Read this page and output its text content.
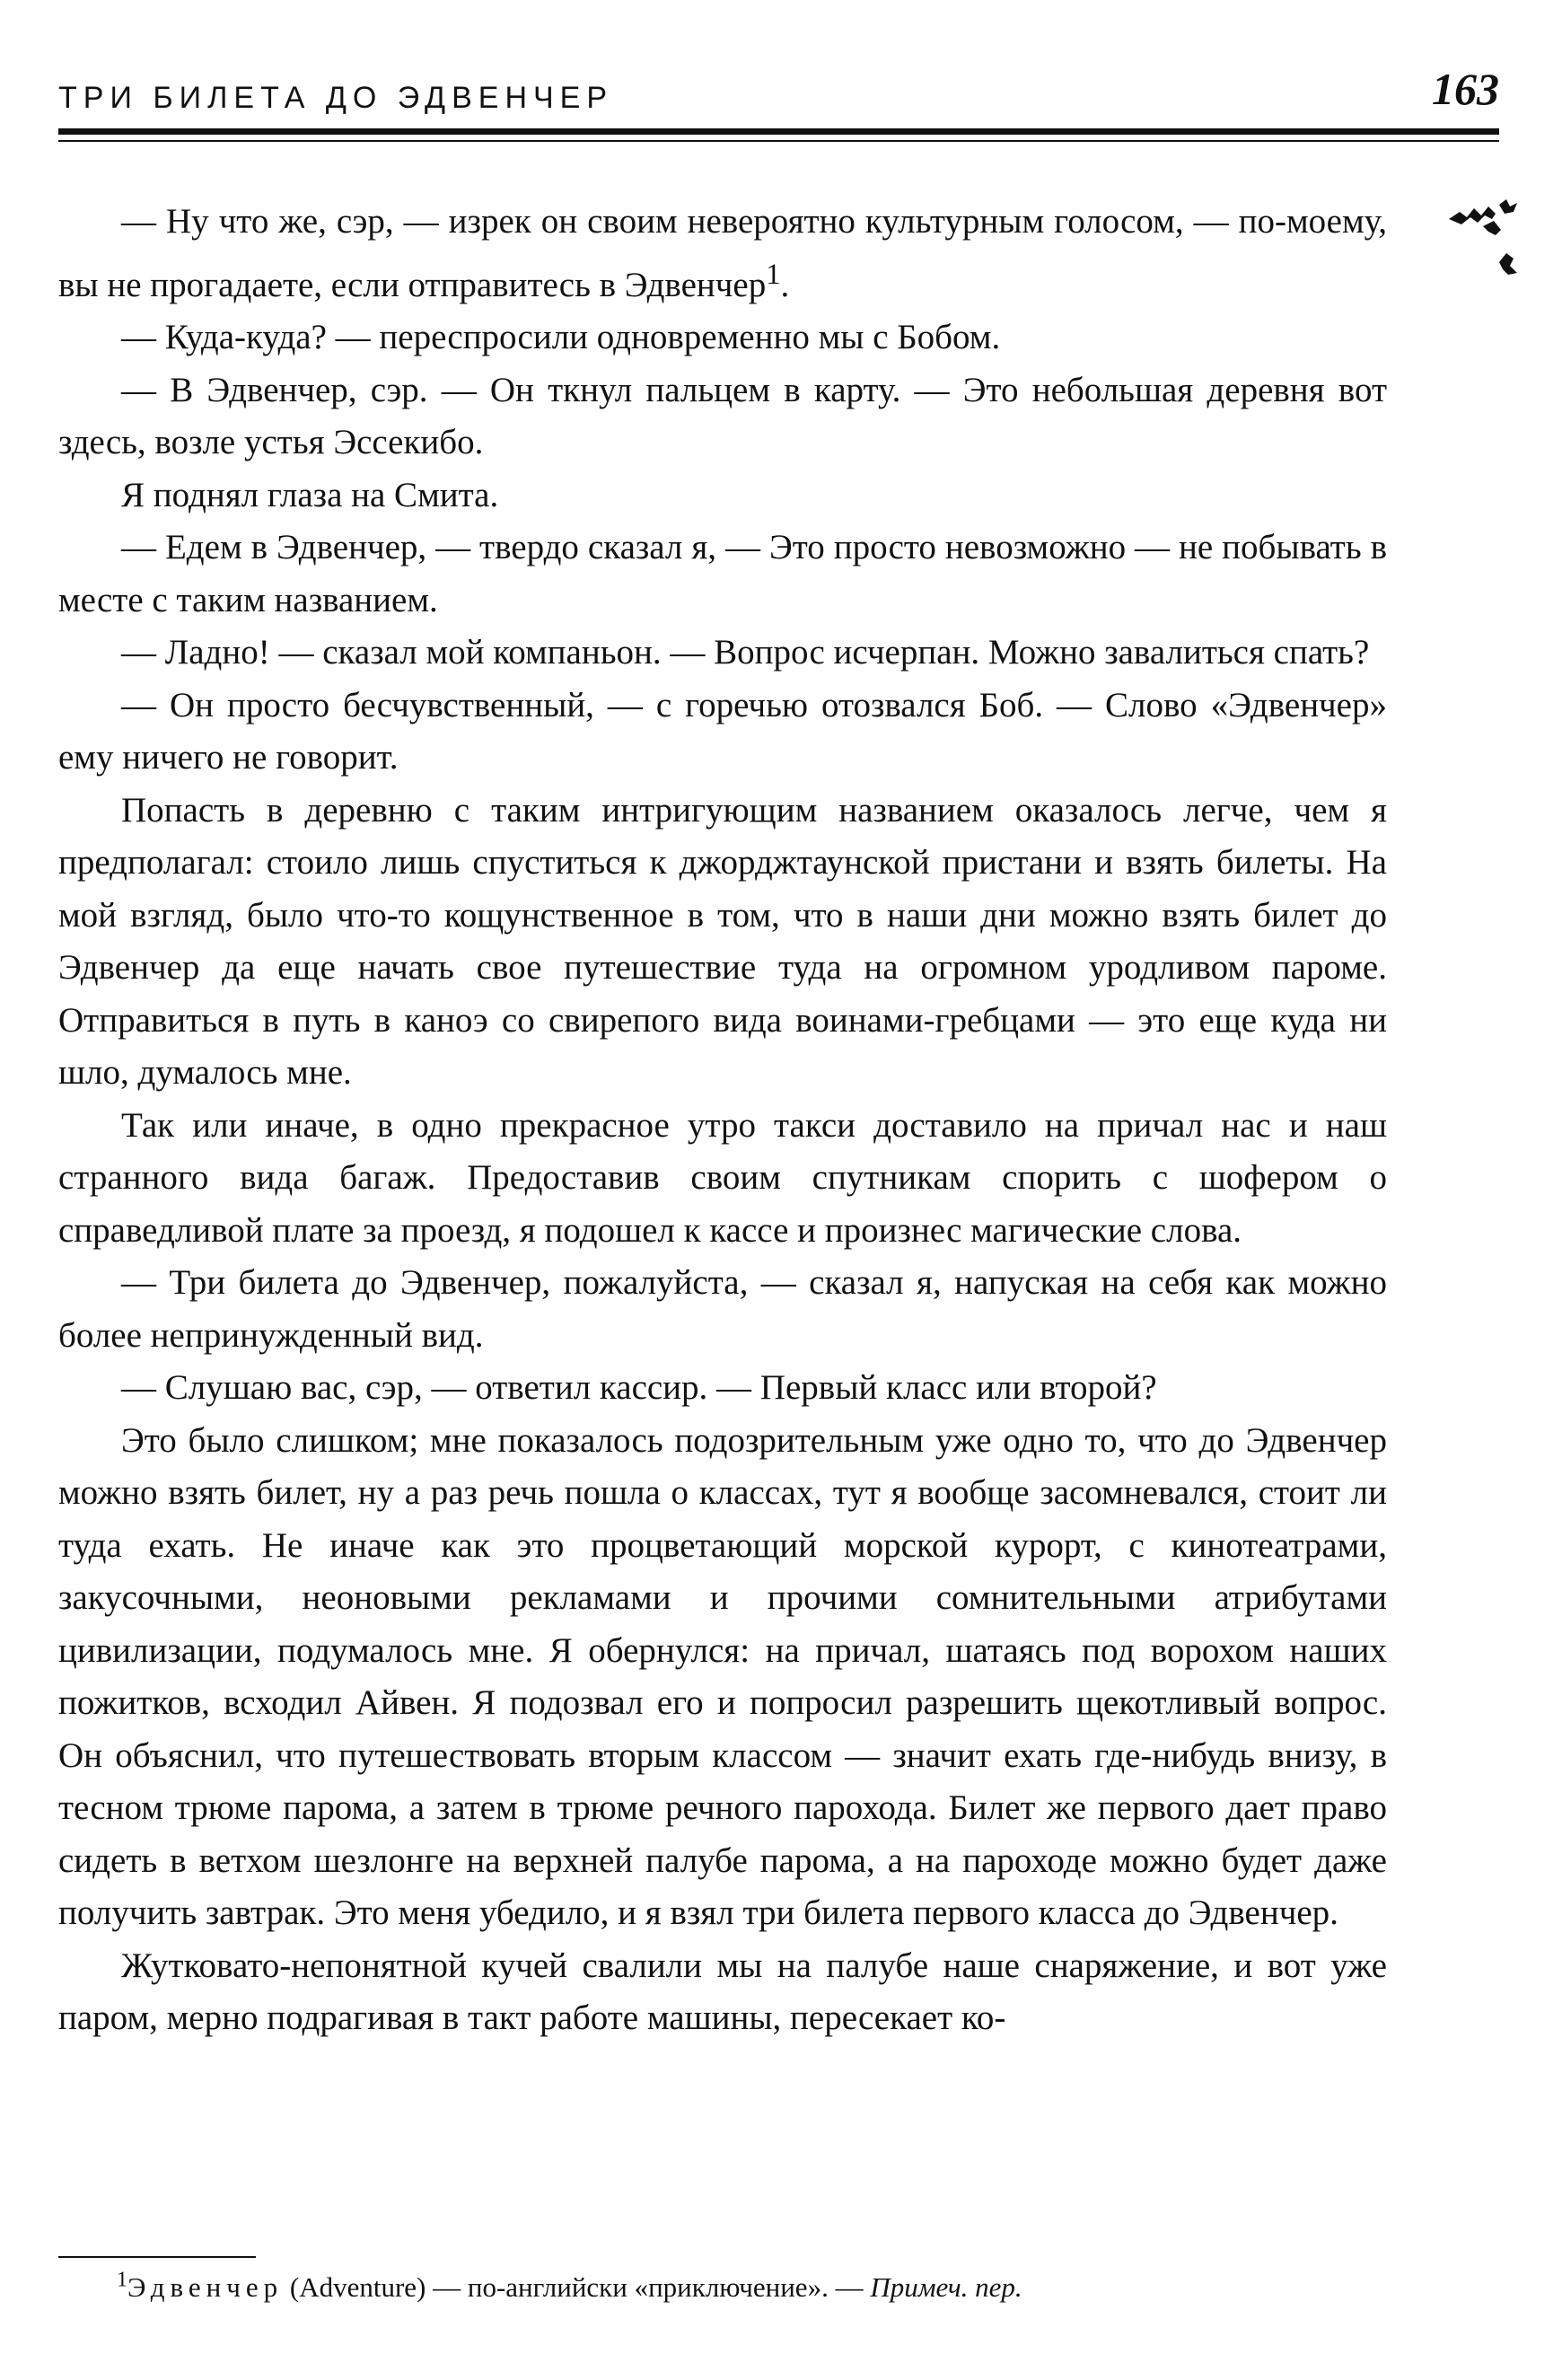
ТРИ БИЛЕТА ДО ЭДВЕНЧЕР	163

— Ну что же, сэр, — изрек он своим невероятно культурным голосом, — по-моему, вы не прогадаете, если отправитесь в Эдвенчер$^1$.

— Куда-куда? — переспросили одновременно мы с Бобом.

— В Эдвенчер, сэр. — Он ткнул пальцем в карту. — Это небольшая деревня вот здесь, возле устья Эссекибо.

Я поднял глаза на Смита.

— Едем в Эдвенчер, — твердо сказал я, — Это просто невозможно — не побывать в месте с таким названием.

— Ладно! — сказал мой компаньон. — Вопрос исчерпан. Можно завалиться спать?

— Он просто бесчувственный, — с горечью отозвался Боб. — Слово «Эдвенчер» ему ничего не говорит.

Попасть в деревню с таким интригующим названием оказалось легче, чем я предполагал: стоило лишь спуститься к джорджтаунской пристани и взять билеты. На мой взгляд, было что-то кощунственное в том, что в наши дни можно взять билет до Эдвенчер да еще начать свое путешествие туда на огромном уродливом пароме. Отправиться в путь в каноэ со свирепого вида воинами-гребцами — это еще куда ни шло, думалось мне.

Так или иначе, в одно прекрасное утро такси доставило на причал нас и наш странного вида багаж. Предоставив своим спутникам спорить с шофером о справедливой плате за проезд, я подошел к кассе и произнес магические слова.

— Три билета до Эдвенчер, пожалуйста, — сказал я, напуская на себя как можно более непринужденный вид.

— Слушаю вас, сэр, — ответил кассир. — Первый класс или второй?

Это было слишком; мне показалось подозрительным уже одно то, что до Эдвенчер можно взять билет, ну а раз речь пошла о классах, тут я вообще засомневался, стоит ли туда ехать. Не иначе как это процветающий морской курорт, с кинотеатрами, закусочными, неоновыми рекламами и прочими сомнительными атрибутами цивилизации, подумалось мне. Я обернулся: на причал, шатаясь под ворохом наших пожитков, всходил Айвен. Я подозвал его и попросил разрешить щекотливый вопрос. Он объяснил, что путешествовать вторым классом — значит ехать где-нибудь внизу, в тесном трюме парома, а затем в трюме речного парохода. Билет же первого дает право сидеть в ветхом шезлонге на верхней палубе парома, а на пароходе можно будет даже получить завтрак. Это меня убедило, и я взял три билета первого класса до Эдвенчер.

Жутковато-непонятной кучей свалили мы на палубе наше снаряжение, и вот уже паром, мерно подрагивая в такт работе машины, пересекает ко-

$^1$Эдвенчер (Adventure) — по-английски «приключение». — Примеч. пер.
